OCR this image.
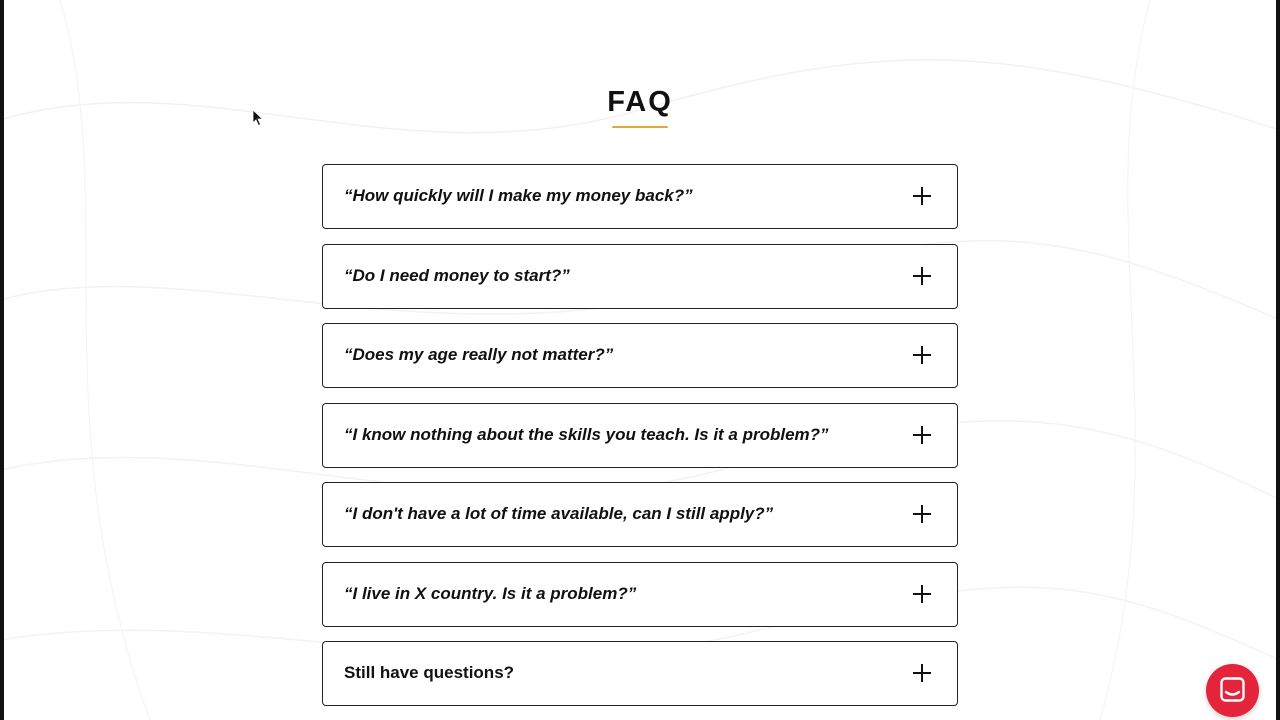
FAQ
“How quickly will I make my money back?”
“Do I need money to start?”
“Does my age really not matter?”
“I know nothing about the skills you teach. Is it a problem?”
“I don't have a lot of time available, can I still apply?”
“I live in X country. Is it a problem?”
Still have questions?
